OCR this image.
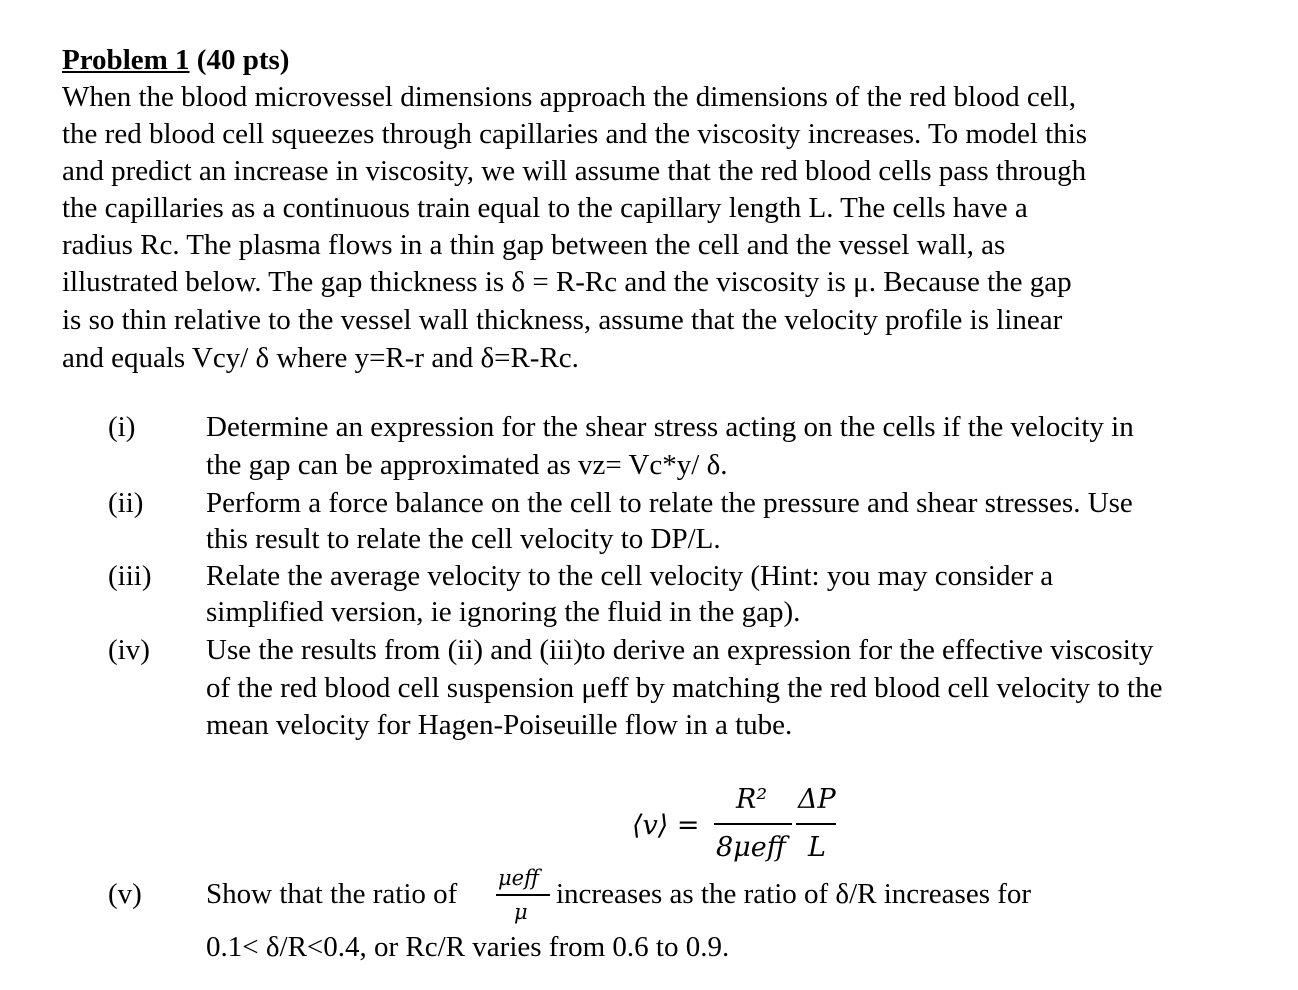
Problem 1 (40 pts)
When the blood microvessel dimensions approach the dimensions of the red blood cell,
the red blood cell squeezes through capillaries and the viscosity increases. To model this
and predict an increase in viscosity, we will assume that the red blood cells pass through
the capillaries as a continuous train equal to the capillary length L. The cells have a
radius Rc. The plasma flows in a thin gap between the cell and the vessel wall, as
illustrated below. The gap thickness is δ = R-Rc and the viscosity is μ. Because the gap
is so thin relative to the vessel wall thickness, assume that the velocity profile is linear
and equals Vcy/ δ where y=R-r and δ=R-Rc.
(i) Determine an expression for the shear stress acting on the cells if the velocity in
the gap can be approximated as vz= Vc*y/ δ.
(ii) Perform a force balance on the cell to relate the pressure and shear stresses. Use
this result to relate the cell velocity to DP/L.
(iii) Relate the average velocity to the cell velocity (Hint: you may consider a
simplified version, ie ignoring the fluid in the gap).
(iv) Use the results from (ii) and (iii)to derive an expression for the effective viscosity
of the red blood cell suspension μeff by matching the red blood cell velocity to the
mean velocity for Hagen-Poiseuille flow in a tube.
⟨v⟩ =
R²
8μeff
ΔP
L
(v) Show that the ratio of μeff
μ
increases as the ratio of δ/R increases for
0.1< δ/R<0.4, or Rc/R varies from 0.6 to 0.9.
